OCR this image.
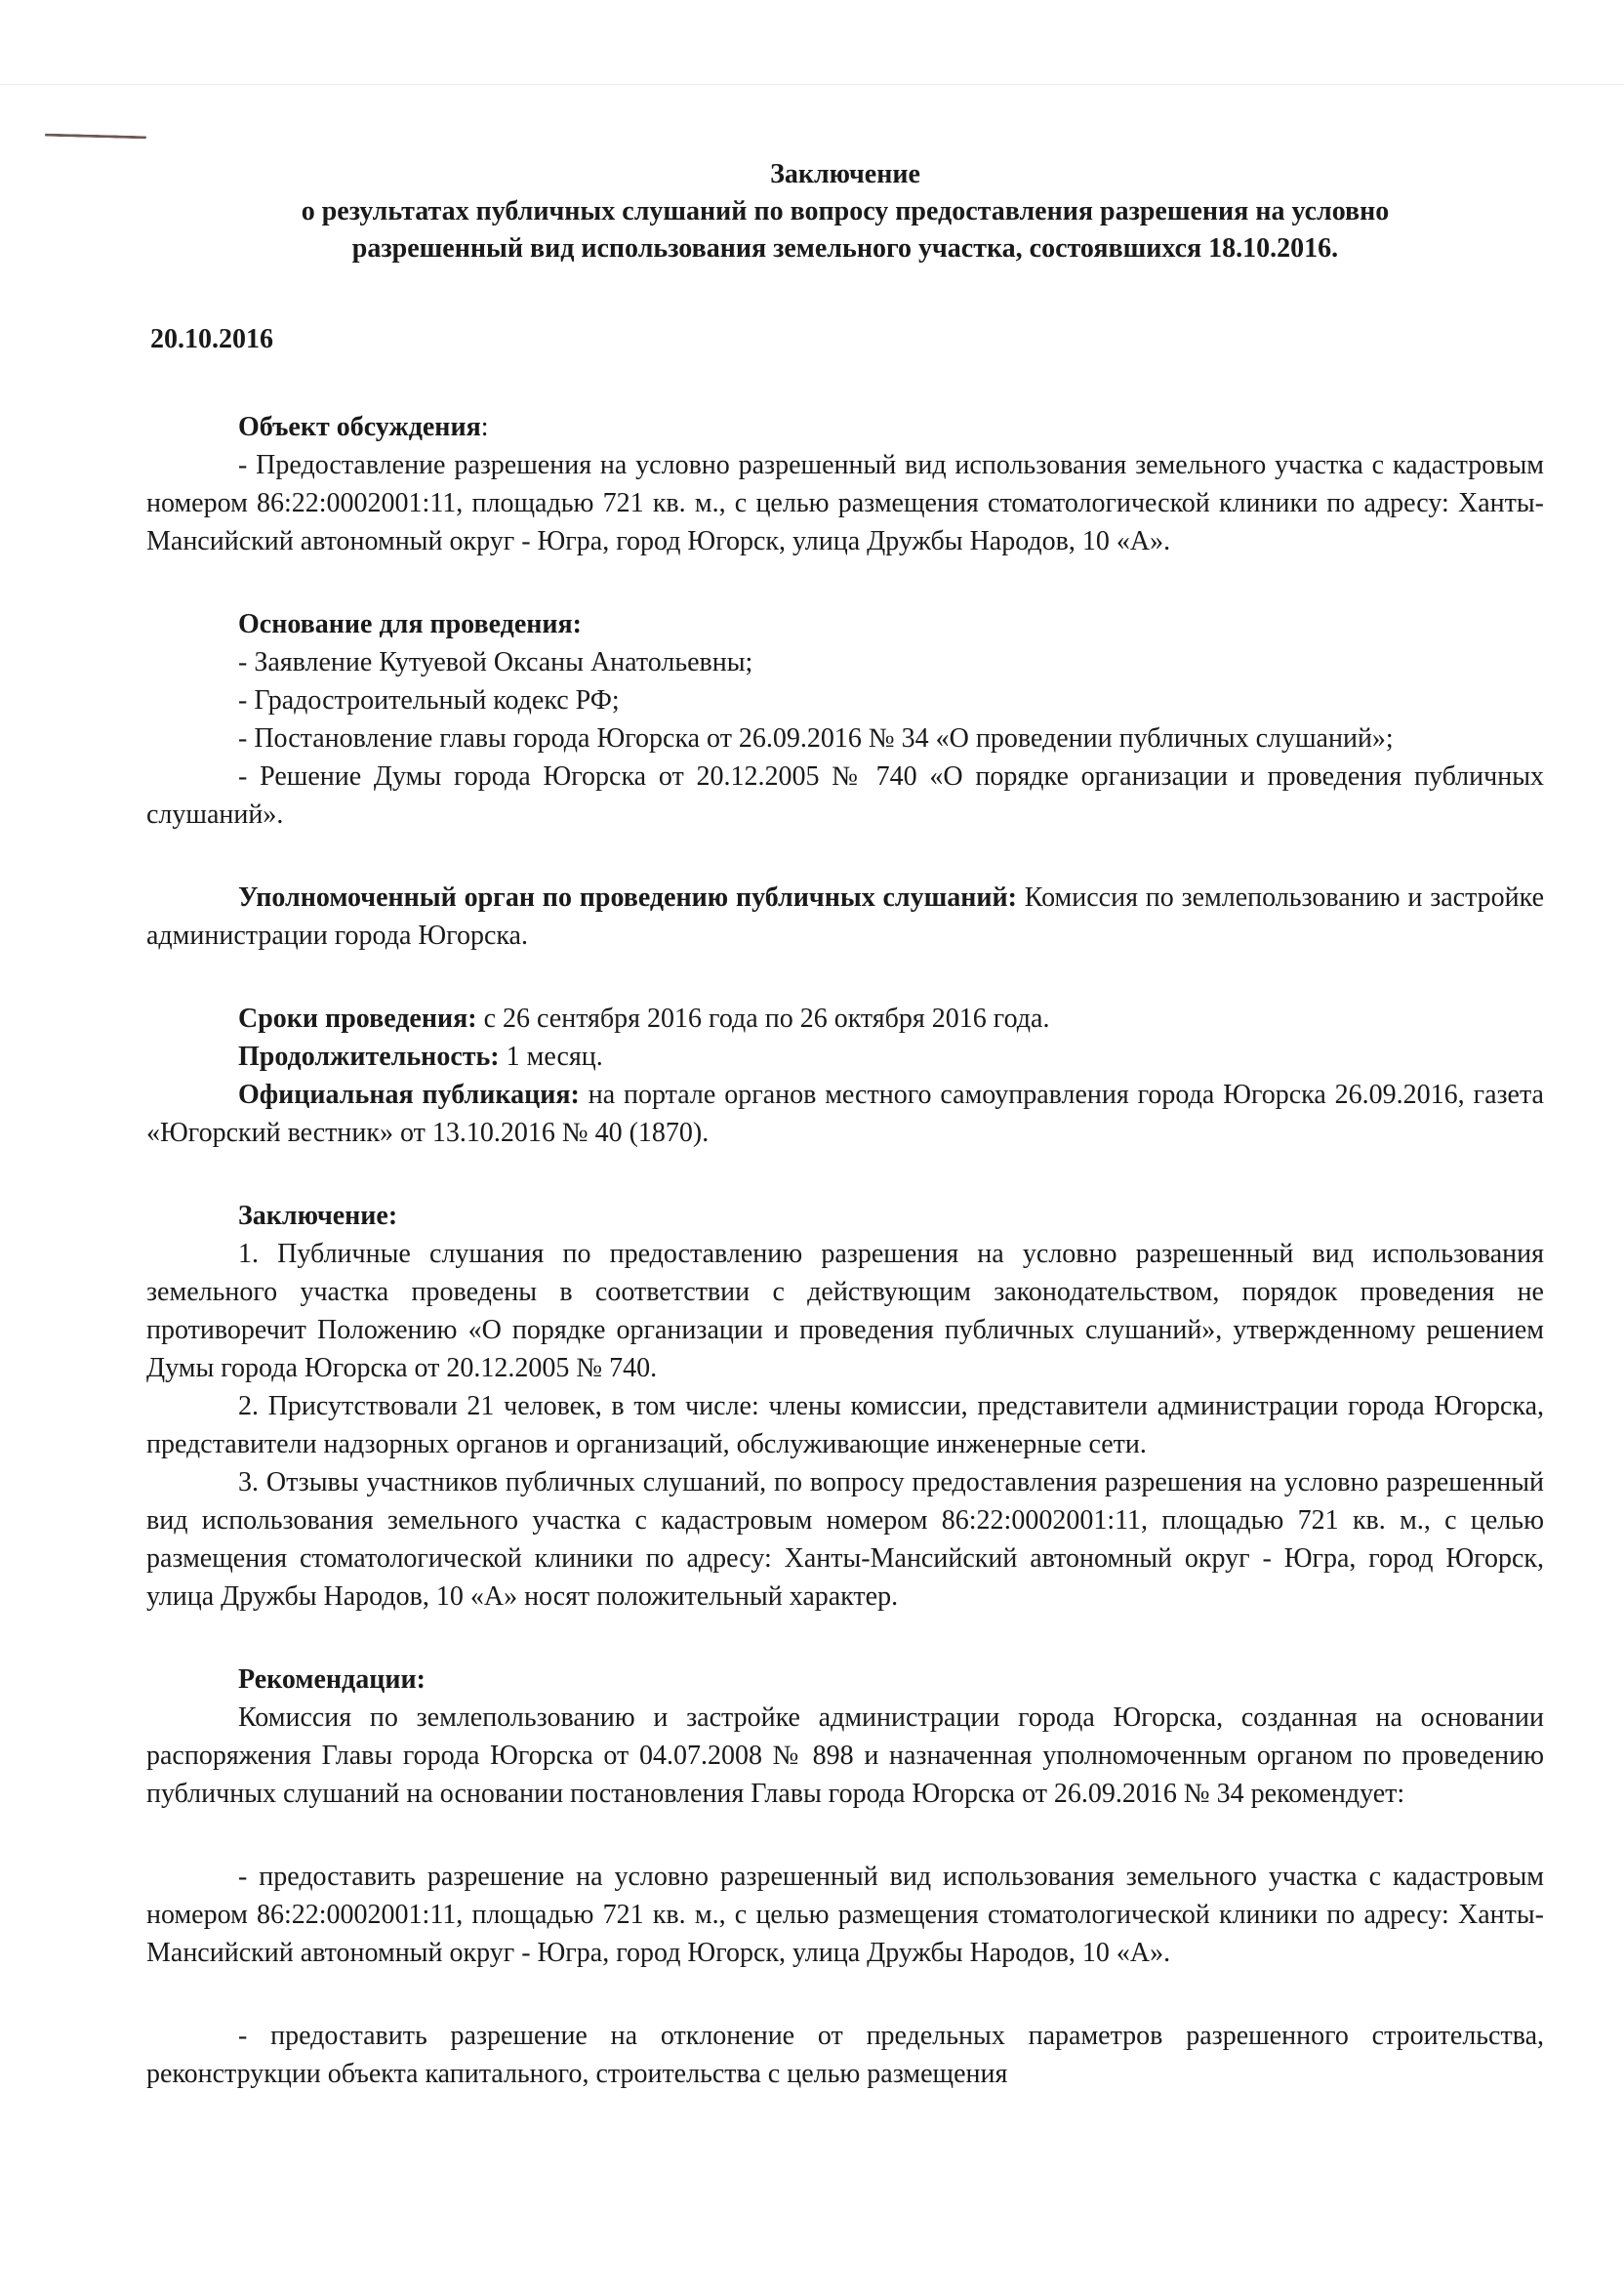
Заключение

о результатах публичных слушаний по вопросу предоставления разрешения на условно

разрешенный вид использования земельного участка, состоявшихся 18.10.2016.

20.10.2016

Объект обсуждения:

- Предоставление разрешения на условно разрешенный вид использования земельного участка с кадастровым номером 86:22:0002001:11, площадью 721 кв. м., с целью размещения стоматологической клиники по адресу: Ханты-Мансийский автономный округ - Югра, город Югорск, улица Дружбы Народов, 10 «А».

Основание для проведения:

- Заявление Кутуевой Оксаны Анатольевны;

- Градостроительный кодекс РФ;

- Постановление главы города Югорска от 26.09.2016 № 34 «О проведении публичных слушаний»;

- Решение Думы города Югорска от 20.12.2005 № 740 «О порядке организации и проведения публичных слушаний».

Уполномоченный орган по проведению публичных слушаний: Комиссия по землепользованию и застройке администрации города Югорска.

Сроки проведения: с 26 сентября 2016 года по 26 октября 2016 года.

Продолжительность: 1 месяц.

Официальная публикация: на портале органов местного самоуправления города Югорска 26.09.2016, газета «Югорский вестник» от 13.10.2016 № 40 (1870).

Заключение:

1. Публичные слушания по предоставлению разрешения на условно разрешенный вид использования земельного участка проведены в соответствии с действующим законодательством, порядок проведения не противоречит Положению «О порядке организации и проведения публичных слушаний», утвержденному решением Думы города Югорска от 20.12.2005 № 740.

2. Присутствовали 21 человек, в том числе: члены комиссии, представители администрации города Югорска, представители надзорных органов и организаций, обслуживающие инженерные сети.

3. Отзывы участников публичных слушаний, по вопросу предоставления разрешения на условно разрешенный вид использования земельного участка с кадастровым номером 86:22:0002001:11, площадью 721 кв. м., с целью размещения стоматологической клиники по адресу: Ханты-Мансийский автономный округ - Югра, город Югорск, улица Дружбы Народов, 10 «А» носят положительный характер.

Рекомендации:

Комиссия по землепользованию и застройке администрации города Югорска, созданная на основании распоряжения Главы города Югорска от 04.07.2008 № 898 и назначенная уполномоченным органом по проведению публичных слушаний на основании постановления Главы города Югорска от 26.09.2016 № 34 рекомендует:

- предоставить разрешение на условно разрешенный вид использования земельного участка с кадастровым номером 86:22:0002001:11, площадью 721 кв. м., с целью размещения стоматологической клиники по адресу: Ханты-Мансийский автономный округ - Югра, город Югорск, улица Дружбы Народов, 10 «А».

- предоставить разрешение на отклонение от предельных параметров разрешенного строительства, реконструкции объекта капитального, строительства с целью размещения
